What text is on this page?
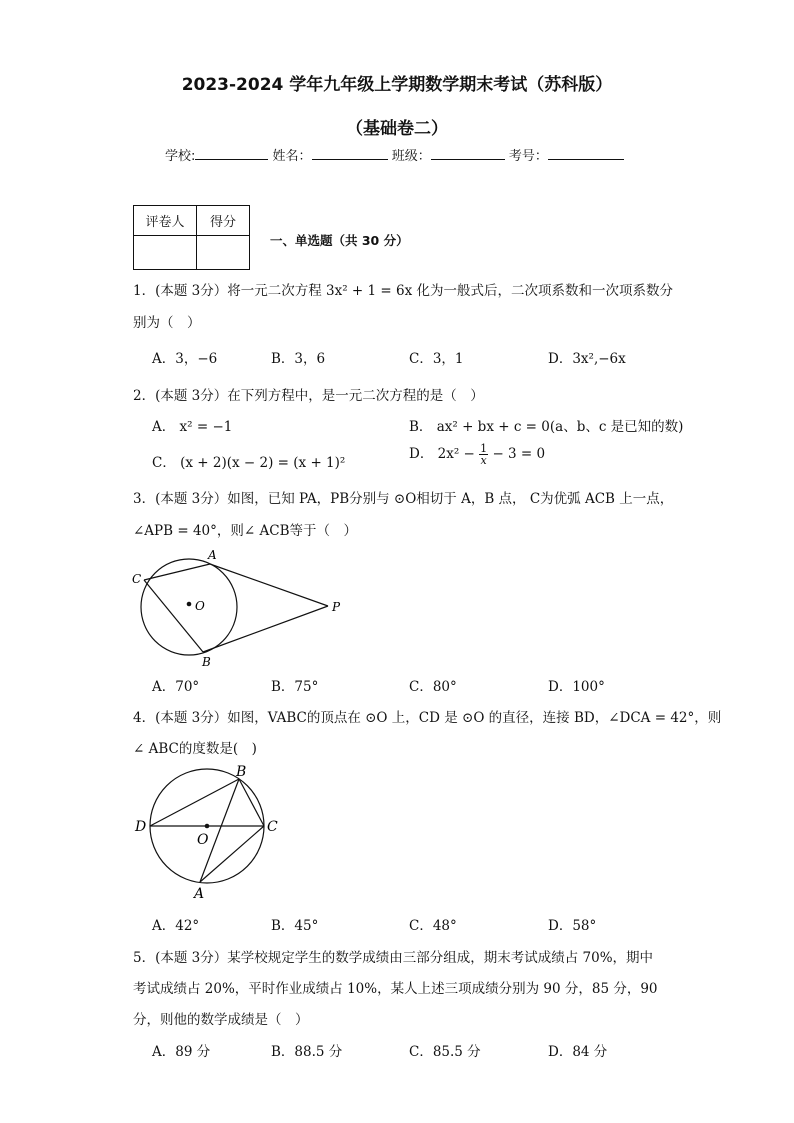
2023-2024 学年九年级上学期数学期末考试（苏科版）
（基础卷二）
学校:	姓名：	班级：	考号：
评卷人	得分

一、单选题（共 30 分）
1．(本题 3分）将一元二次方程 3x² + 1 = 6x 化为一般式后，二次项系数和一次项系数分
别为（　）
A．3，−6	B．3，6	C．3，1	D．3x²,−6x
2．(本题 3分）在下列方程中，是一元二次方程的是（　）
A． x² = −1	B． ax² + bx + c = 0(a、b、c 是已知的数)
C． (x + 2)(x − 2) = (x + 1)²
D． $2x^2 - \frac{1}{x} - 3 = 0$
3．(本题 3分）如图，已知 PA，PB分别与 ⊙O相切于 A，B 点， C为优弧 ACB 上一点，
∠APB = 40°，则∠ ACB等于（　）
A
C
O	P
B
A．70°	B．75°	C．80°	D．100°
4．(本题 3分）如图，VABC的顶点在 ⊙O 上，CD 是 ⊙O 的直径，连接 BD，∠DCA = 42°，则
∠ ABC的度数是(　)
B
D	C
O
A
A．42°	B．45°	C．48°	D．58°
5．(本题 3分）某学校规定学生的数学成绩由三部分组成，期末考试成绩占 70%，期中
考试成绩占 20%，平时作业成绩占 10%，某人上述三项成绩分别为 90 分，85 分，90
分，则他的数学成绩是（　）
A．89 分	B．88.5 分	C．85.5 分	D．84 分
